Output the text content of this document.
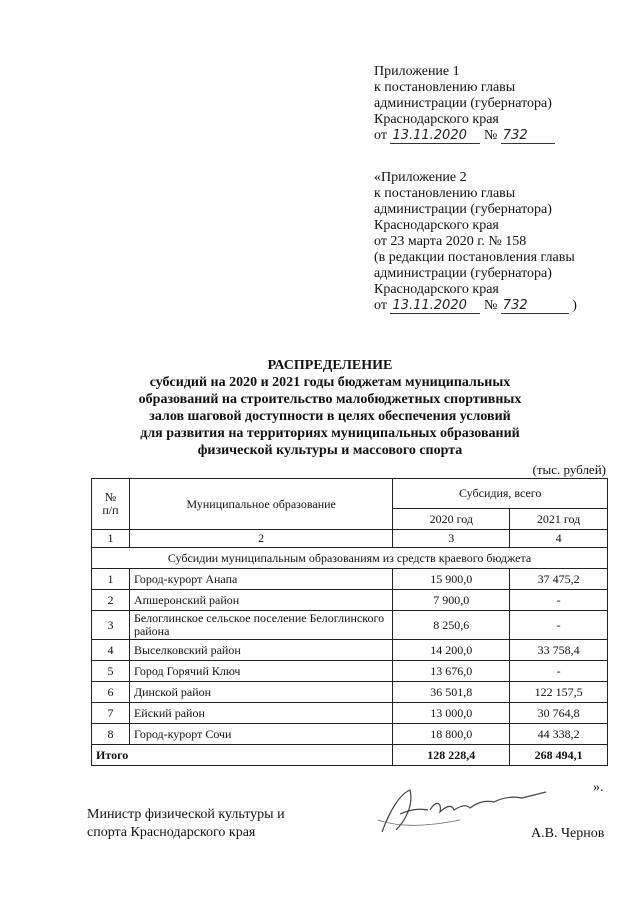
Приложение 1
к постановлению главы
администрации (губернатора)
Краснодарского края
от 13.11.2020 № 732
«Приложение 2
к постановлению главы
администрации (губернатора)
Краснодарского края
от 23 марта 2020 г. № 158
(в редакции постановления главы
администрации (губернатора)
Краснодарского края
от 13.11.2020 № 732	)
РАСПРЕДЕЛЕНИЕ
субсидий на 2020 и 2021 годы бюджетам муниципальных
образований на строительство малобюджетных спортивных
залов шаговой доступности в целях обеспечения условий
для развития на территориях муниципальных образований
физической культуры и массового спорта
(тыс. рублей)
№
п/п	Муниципальное образование	Субсидия, всего	
		2020 год	2021 год
1	2	3	4
Субсидии муниципальным образованиям из средств краевого бюджета			
1	Город-курорт Анапа	15 900,0	37 475,2
2	Апшеронский район	7 900,0	-
3	Белоглинское сельское поселение Белоглинского района	8 250,6	-
4	Выселковский район	14 200,0	33 758,4
5	Город Горячий Ключ	13 676,0	-
6	Динской район	36 501,8	122 157,5
7	Ейский район	13 000,0	30 764,8
8	Город-курорт Сочи	18 800,0	44 338,2
Итого		128 228,4	268 494,1
».
Министр физической культуры и
спорта Краснодарского края	А.В. Чернов
